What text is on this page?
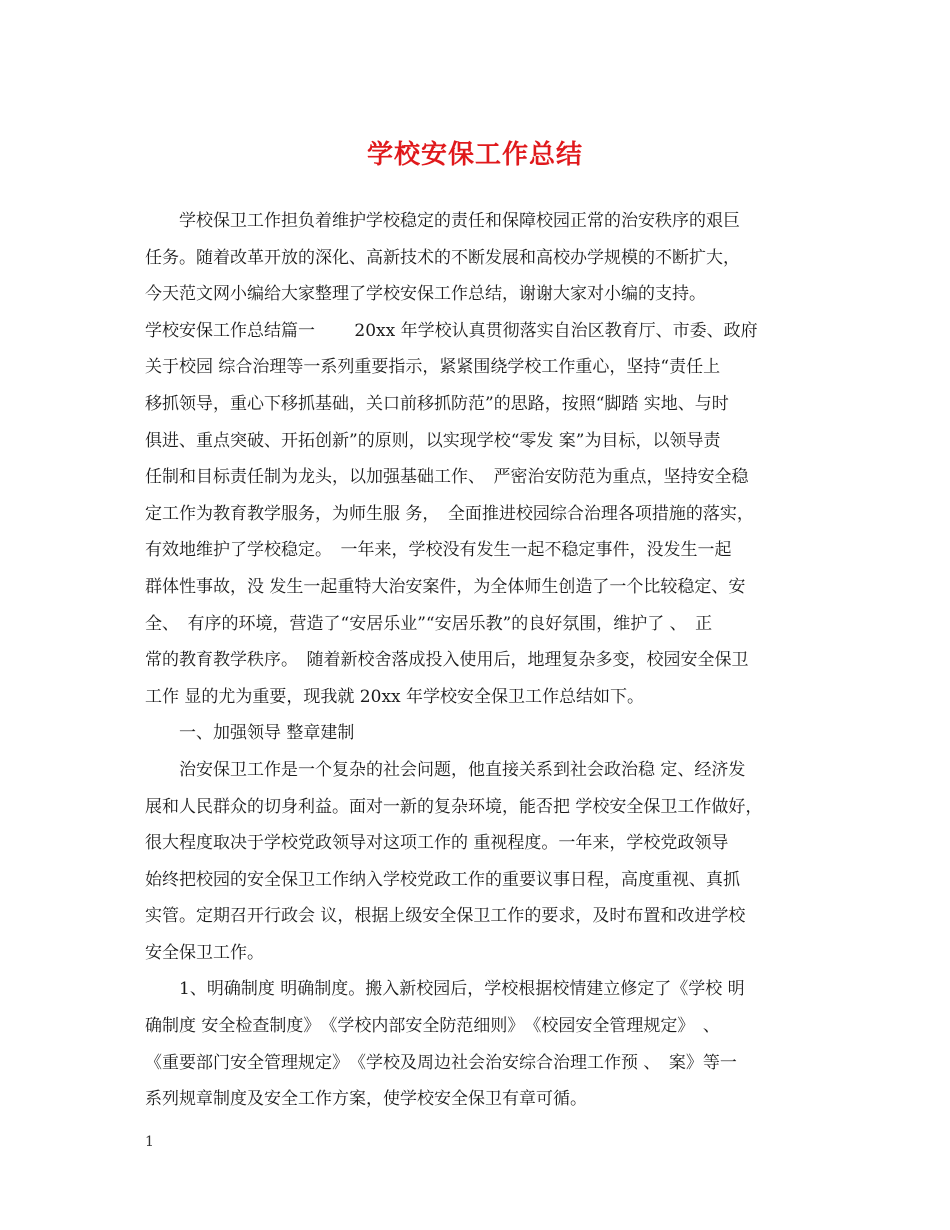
学校安保工作总结
学校保卫工作担负着维护学校稳定的责任和保障校园正常的治安秩序的艰巨
任务。随着改革开放的深化、高新技术的不断发展和高校办学规模的不断扩大，
今天范文网小编给大家整理了学校安保工作总结，谢谢大家对小编的支持。
学校安保工作总结篇一　　 20xx 年学校认真贯彻落实自治区教育厅、市委、政府
关于校园 综合治理等一系列重要指示，紧紧围绕学校工作重心，坚持“责任上
移抓领导，重心下移抓基础，关口前移抓防范”的思路，按照“脚踏 实地、与时
俱进、重点突破、开拓创新”的原则，以实现学校“零发 案”为目标，以领导责
任制和目标责任制为龙头，以加强基础工作、　严密治安防范为重点，坚持安全稳
定工作为教育教学服务，为师生服 务，　全面推进校园综合治理各项措施的落实，
有效地维护了学校稳定。　一年来，学校没有发生一起不稳定事件，没发生一起
群体性事故，没 发生一起重特大治安案件，为全体师生创造了一个比较稳定、安
全、　有序的环境，营造了“安居乐业”“安居乐教”的良好氛围，维护了 、　正
常的教育教学秩序。　随着新校舍落成投入使用后，地理复杂多变，校园安全保卫
工作 显的尤为重要，现我就 20xx 年学校安全保卫工作总结如下。
一、加强领导 整章建制
治安保卫工作是一个复杂的社会问题，他直接关系到社会政治稳 定、经济发
展和人民群众的切身利益。面对一新的复杂环境，能否把 学校安全保卫工作做好，
很大程度取决于学校党政领导对这项工作的 重视程度。一年来，学校党政领导
始终把校园的安全保卫工作纳入学校党政工作的重要议事日程，高度重视、真抓
实管。定期召开行政会 议，根据上级安全保卫工作的要求，及时布置和改进学校
安全保卫工作。
1、明确制度 明确制度。搬入新校园后，学校根据校情建立修定了《学校 明
确制度 安全检查制度》　《学校内部安全防范细则》　《校园安全管理规定》　、
《重要部门安全管理规定》　《学校及周边社会治安综合治理工作预 、　案》等一
系列规章制度及安全工作方案，使学校安全保卫有章可循。
1
